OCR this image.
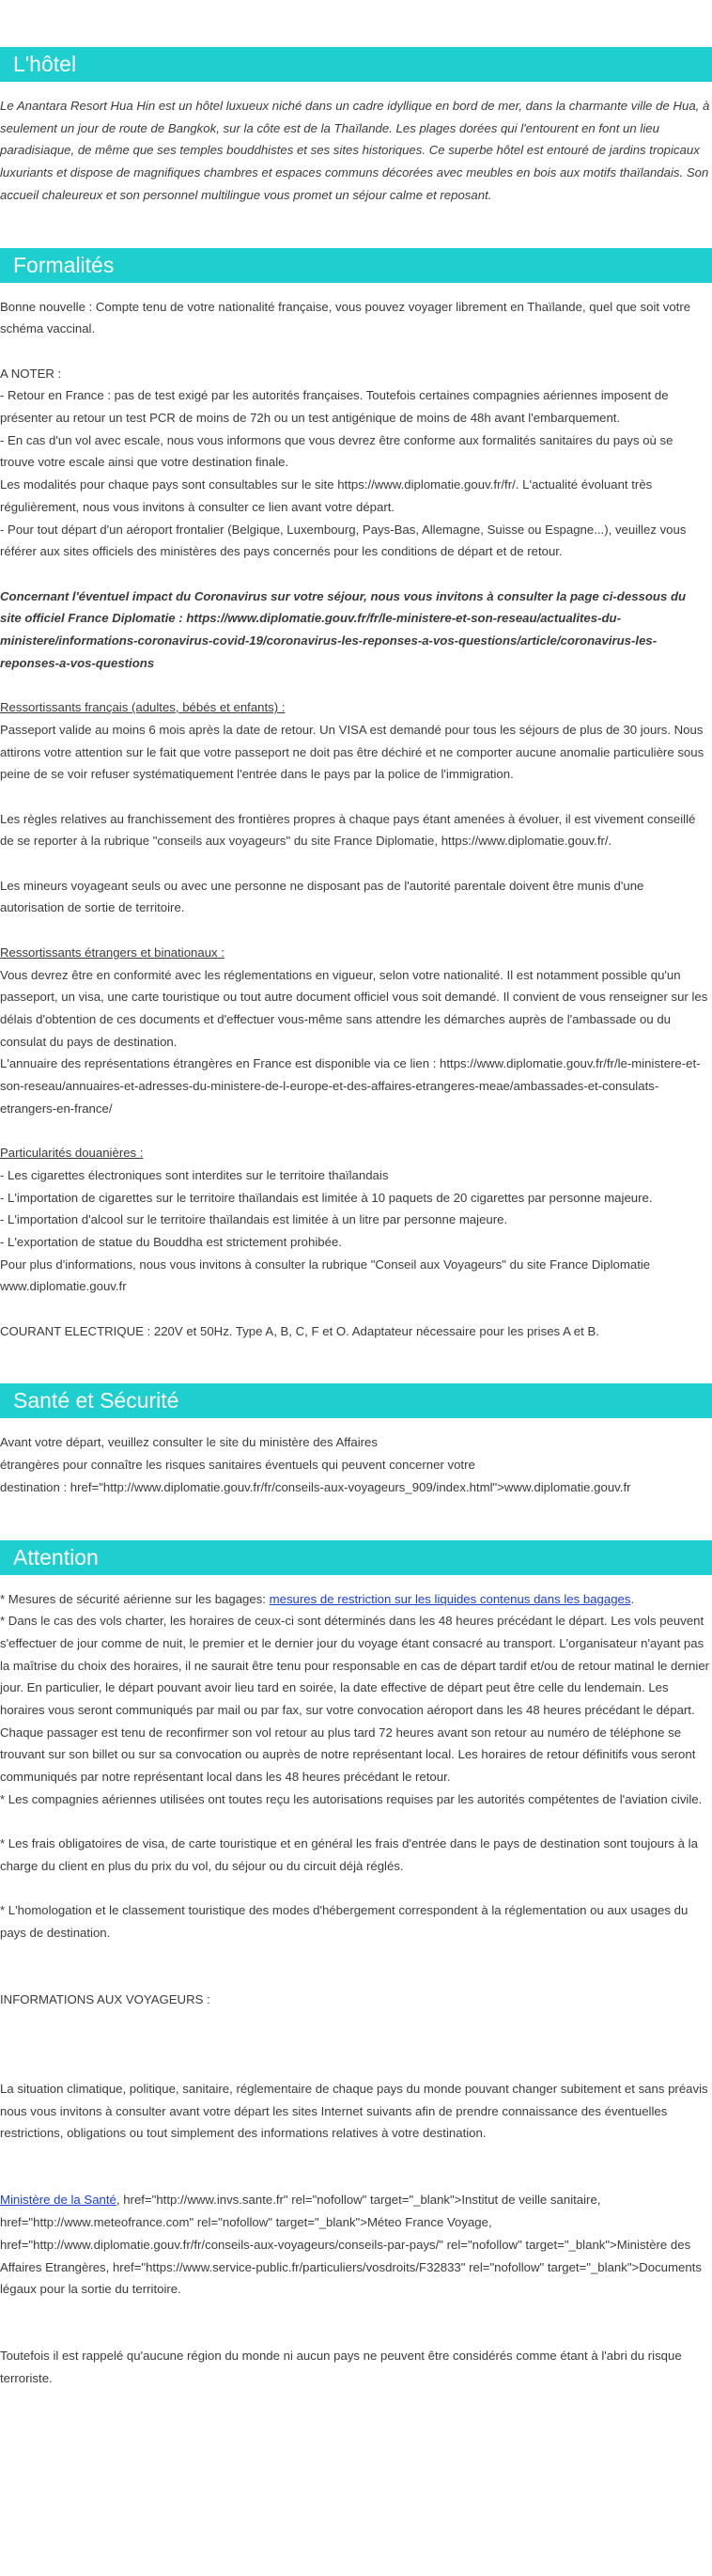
L'hôtel

Le Anantara Resort Hua Hin est un hôtel luxueux niché dans un cadre idyllique en bord de mer, dans la charmante ville de Hua, à seulement un jour de route de Bangkok, sur la côte est de la Thaïlande. Les plages dorées qui l'entourent en font un lieu paradisiaque, de même que ses temples bouddhistes et ses sites historiques. Ce superbe hôtel est entouré de jardins tropicaux luxuriants et dispose de magnifiques chambres et espaces communs décorées avec meubles en bois aux motifs thaïlandais. Son accueil chaleureux et son personnel multilingue vous promet un séjour calme et reposant.

Formalités

Bonne nouvelle : Compte tenu de votre nationalité française, vous pouvez voyager librement en Thaïlande, quel que soit votre schéma vaccinal.

A NOTER :

- Retour en France : pas de test exigé par les autorités françaises. Toutefois certaines compagnies aériennes imposent de présenter au retour un test PCR de moins de 72h ou un test antigénique de moins de 48h avant l'embarquement.

- En cas d'un vol avec escale, nous vous informons que vous devrez être conforme aux formalités sanitaires du pays où se trouve votre escale ainsi que votre destination finale.

Les modalités pour chaque pays sont consultables sur le site https://www.diplomatie.gouv.fr/fr/. L'actualité évoluant très régulièrement, nous vous invitons à consulter ce lien avant votre départ.

- Pour tout départ d'un aéroport frontalier (Belgique, Luxembourg, Pays-Bas, Allemagne, Suisse ou Espagne...), veuillez vous référer aux sites officiels des ministères des pays concernés pour les conditions de départ et de retour.

Concernant l'éventuel impact du Coronavirus sur votre séjour, nous vous invitons à consulter la page ci-dessous du site officiel France Diplomatie : https://www.diplomatie.gouv.fr/fr/le-ministere-et-son-reseau/actualites-du-ministere/informations-coronavirus-covid-19/coronavirus-les-reponses-a-vos-questions/article/coronavirus-les-reponses-a-vos-questions

Ressortissants français (adultes, bébés et enfants) :

Passeport valide au moins 6 mois après la date de retour. Un VISA est demandé pour tous les séjours de plus de 30 jours. Nous attirons votre attention sur le fait que votre passeport ne doit pas être déchiré et ne comporter aucune anomalie particulière sous peine de se voir refuser systématiquement l'entrée dans le pays par la police de l'immigration.

Les règles relatives au franchissement des frontières propres à chaque pays étant amenées à évoluer, il est vivement conseillé de se reporter à la rubrique "conseils aux voyageurs" du site France Diplomatie, https://www.diplomatie.gouv.fr/.

Les mineurs voyageant seuls ou avec une personne ne disposant pas de l'autorité parentale doivent être munis d'une autorisation de sortie de territoire.

Ressortissants étrangers et binationaux :

Vous devrez être en conformité avec les réglementations en vigueur, selon votre nationalité. Il est notamment possible qu'un passeport, un visa, une carte touristique ou tout autre document officiel vous soit demandé. Il convient de vous renseigner sur les délais d'obtention de ces documents et d'effectuer vous-même sans attendre les démarches auprès de l'ambassade ou du consulat du pays de destination.

L'annuaire des représentations étrangères en France est disponible via ce lien : https://www.diplomatie.gouv.fr/fr/le-ministere-et-son-reseau/annuaires-et-adresses-du-ministere-de-l-europe-et-des-affaires-etrangeres-meae/ambassades-et-consulats-etrangers-en-france/

Particularités douanières :

- Les cigarettes électroniques sont interdites sur le territoire thaïlandais

- L'importation de cigarettes sur le territoire thaïlandais est limitée à 10 paquets de 20 cigarettes par personne majeure.

- L'importation d'alcool sur le territoire thaïlandais est limitée à un litre par personne majeure.

- L'exportation de statue du Bouddha est strictement prohibée.

Pour plus d'informations, nous vous invitons à consulter la rubrique "Conseil aux Voyageurs" du site France Diplomatie www.diplomatie.gouv.fr

COURANT ELECTRIQUE : 220V et 50Hz. Type A, B, C, F et O. Adaptateur nécessaire pour les prises A et B.

Santé et Sécurité

Avant votre départ, veuillez consulter le site du ministère des Affaires

étrangères pour connaître les risques sanitaires éventuels qui peuvent concerner votre

destination : href="http://www.diplomatie.gouv.fr/fr/conseils-aux-voyageurs_909/index.html">www.diplomatie.gouv.fr

Attention

* Mesures de sécurité aérienne sur les bagages: mesures de restriction sur les liquides contenus dans les bagages.

* Dans le cas des vols charter, les horaires de ceux-ci sont déterminés dans les 48 heures précédant le départ. Les vols peuvent s'effectuer de jour comme de nuit, le premier et le dernier jour du voyage étant consacré au transport. L'organisateur n'ayant pas la maîtrise du choix des horaires, il ne saurait être tenu pour responsable en cas de départ tardif et/ou de retour matinal le dernier jour. En particulier, le départ pouvant avoir lieu tard en soirée, la date effective de départ peut être celle du lendemain. Les horaires vous seront communiqués par mail ou par fax, sur votre convocation aéroport dans les 48 heures précédant le départ. Chaque passager est tenu de reconfirmer son vol retour au plus tard 72 heures avant son retour au numéro de téléphone se trouvant sur son billet ou sur sa convocation ou auprès de notre représentant local. Les horaires de retour définitifs vous seront communiqués par notre représentant local dans les 48 heures précédant le retour.

* Les compagnies aériennes utilisées ont toutes reçu les autorisations requises par les autorités compétentes de l'aviation civile.

* Les frais obligatoires de visa, de carte touristique et en général les frais d'entrée dans le pays de destination sont toujours à la charge du client en plus du prix du vol, du séjour ou du circuit déjà réglés.

* L'homologation et le classement touristique des modes d'hébergement correspondent à la réglementation ou aux usages du pays de destination.

INFORMATIONS AUX VOYAGEURS :

La situation climatique, politique, sanitaire, réglementaire de chaque pays du monde pouvant changer subitement et sans préavis

nous vous invitons à consulter avant votre départ les sites Internet suivants afin de prendre connaissance des éventuelles restrictions, obligations ou tout simplement des informations relatives à votre destination.

Ministère de la Santé, href="http://www.invs.sante.fr" rel="nofollow" target="_blank">Institut de veille sanitaire, href="http://www.meteofrance.com" rel="nofollow" target="_blank">Méteo France Voyage, href="http://www.diplomatie.gouv.fr/fr/conseils-aux-voyageurs/conseils-par-pays/" rel="nofollow" target="_blank">Ministère des Affaires Etrangères, href="https://www.service-public.fr/particuliers/vosdroits/F32833" rel="nofollow" target="_blank">Documents légaux pour la sortie du territoire.

Toutefois il est rappelé qu'aucune région du monde ni aucun pays ne peuvent être considérés comme étant à l'abri du risque terroriste.
